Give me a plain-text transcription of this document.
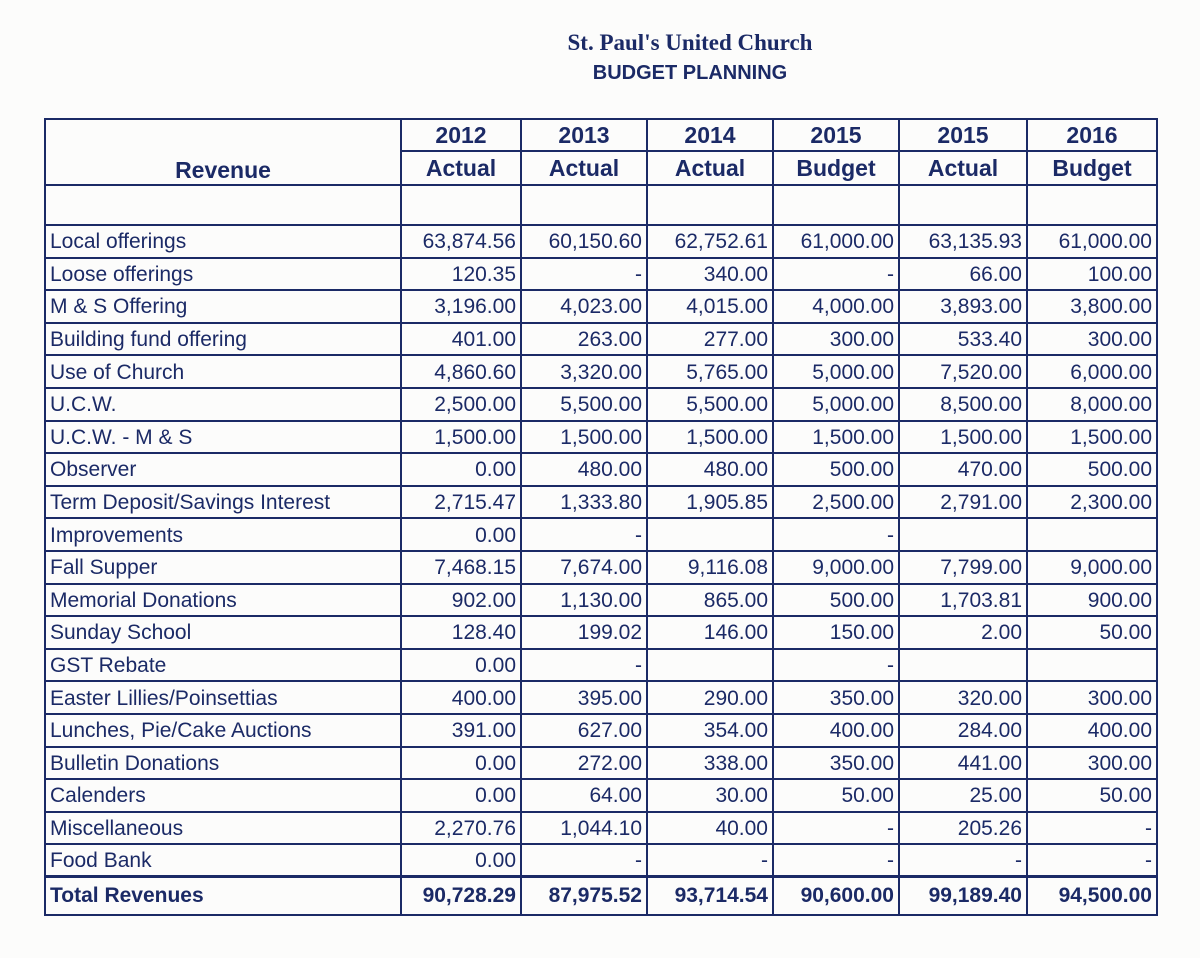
St. Paul's United Church
BUDGET PLANNING
Revenue	2012	2013	2014	2015	2015	2016
	Actual	Actual	Actual	Budget	Actual	Budget

Local offerings	63,874.56	60,150.60	62,752.61	61,000.00	63,135.93	61,000.00
Loose offerings	120.35	-	340.00	-	66.00	100.00
M & S Offering	3,196.00	4,023.00	4,015.00	4,000.00	3,893.00	3,800.00
Building fund offering	401.00	263.00	277.00	300.00	533.40	300.00
Use of Church	4,860.60	3,320.00	5,765.00	5,000.00	7,520.00	6,000.00
U.C.W.	2,500.00	5,500.00	5,500.00	5,000.00	8,500.00	8,000.00
U.C.W. - M & S	1,500.00	1,500.00	1,500.00	1,500.00	1,500.00	1,500.00
Observer	0.00	480.00	480.00	500.00	470.00	500.00
Term Deposit/Savings Interest	2,715.47	1,333.80	1,905.85	2,500.00	2,791.00	2,300.00
Improvements	0.00	-		-		
Fall Supper	7,468.15	7,674.00	9,116.08	9,000.00	7,799.00	9,000.00
Memorial Donations	902.00	1,130.00	865.00	500.00	1,703.81	900.00
Sunday School	128.40	199.02	146.00	150.00	2.00	50.00
GST Rebate	0.00	-		-		
Easter Lillies/Poinsettias	400.00	395.00	290.00	350.00	320.00	300.00
Lunches, Pie/Cake Auctions	391.00	627.00	354.00	400.00	284.00	400.00
Bulletin Donations	0.00	272.00	338.00	350.00	441.00	300.00
Calenders	0.00	64.00	30.00	50.00	25.00	50.00
Miscellaneous	2,270.76	1,044.10	40.00	-	205.26	-
Food Bank	0.00	-	-	-	-	-
Total Revenues	90,728.29	87,975.52	93,714.54	90,600.00	99,189.40	94,500.00
